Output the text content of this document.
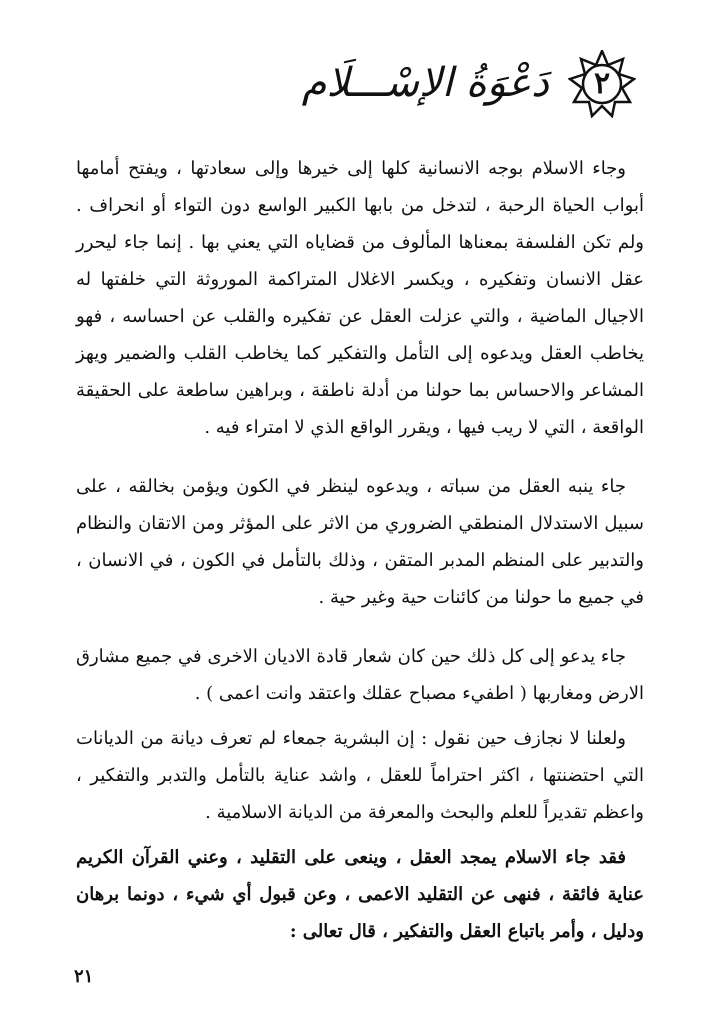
٢
دَعْوَةُ الإسْـــلَام

وجاء الاسلام بوجه الانسانية كلها إلى خيرها وإلى سعادتها ، ويفتح أمامها أبواب الحياة الرحبة ، لتدخل من بابها الكبير الواسع دون التواء أو انحراف . ولم تكن الفلسفة بمعناها المألوف من قضاياه التي يعني بها . إنما جاء ليحرر عقل الانسان وتفكيره ، ويكسر الاغلال المتراكمة الموروثة التي خلفتها له الاجيال الماضية ، والتي عزلت العقل عن تفكيره والقلب عن احساسه ، فهو يخاطب العقل ويدعوه إلى التأمل والتفكير كما يخاطب القلب والضمير ويهز المشاعر والاحساس بما حولنا من أدلة ناطقة ، وبراهين ساطعة على الحقيقة الواقعة ، التي لا ريب فيها ، ويقرر الواقع الذي لا امتراء فيه .

جاء ينبه العقل من سباته ، ويدعوه لينظر في الكون ويؤمن بخالقه ، على سبيل الاستدلال المنطقي الضروري من الاثر على المؤثر ومن الاتقان والنظام والتدبير على المنظم المدبر المتقن ، وذلك بالتأمل في الكون ، في الانسان ، في جميع ما حولنا من كائنات حية وغير حية .

جاء يدعو إلى كل ذلك حين كان شعار قادة الاديان الاخرى في جميع مشارق الارض ومغاربها ( اطفيء مصباح عقلك واعتقد وانت اعمى ) .

ولعلنا لا نجازف حين نقول : إن البشرية جمعاء لم تعرف ديانة من الديانات التي احتضنتها ، اكثر احتراماً للعقل ، واشد عناية بالتأمل والتدبر والتفكير ، واعظم تقديراً للعلم والبحث والمعرفة من الديانة الاسلامية .

فقد جاء الاسلام يمجد العقل ، وينعى على التقليد ، وعني القرآن الكريم عناية فائقة ، فنهى عن التقليد الاعمى ، وعن قبول أي شيء ، دونما برهان ودليل ، وأمر باتباع العقل والتفكير ، قال تعالى :

٢١
